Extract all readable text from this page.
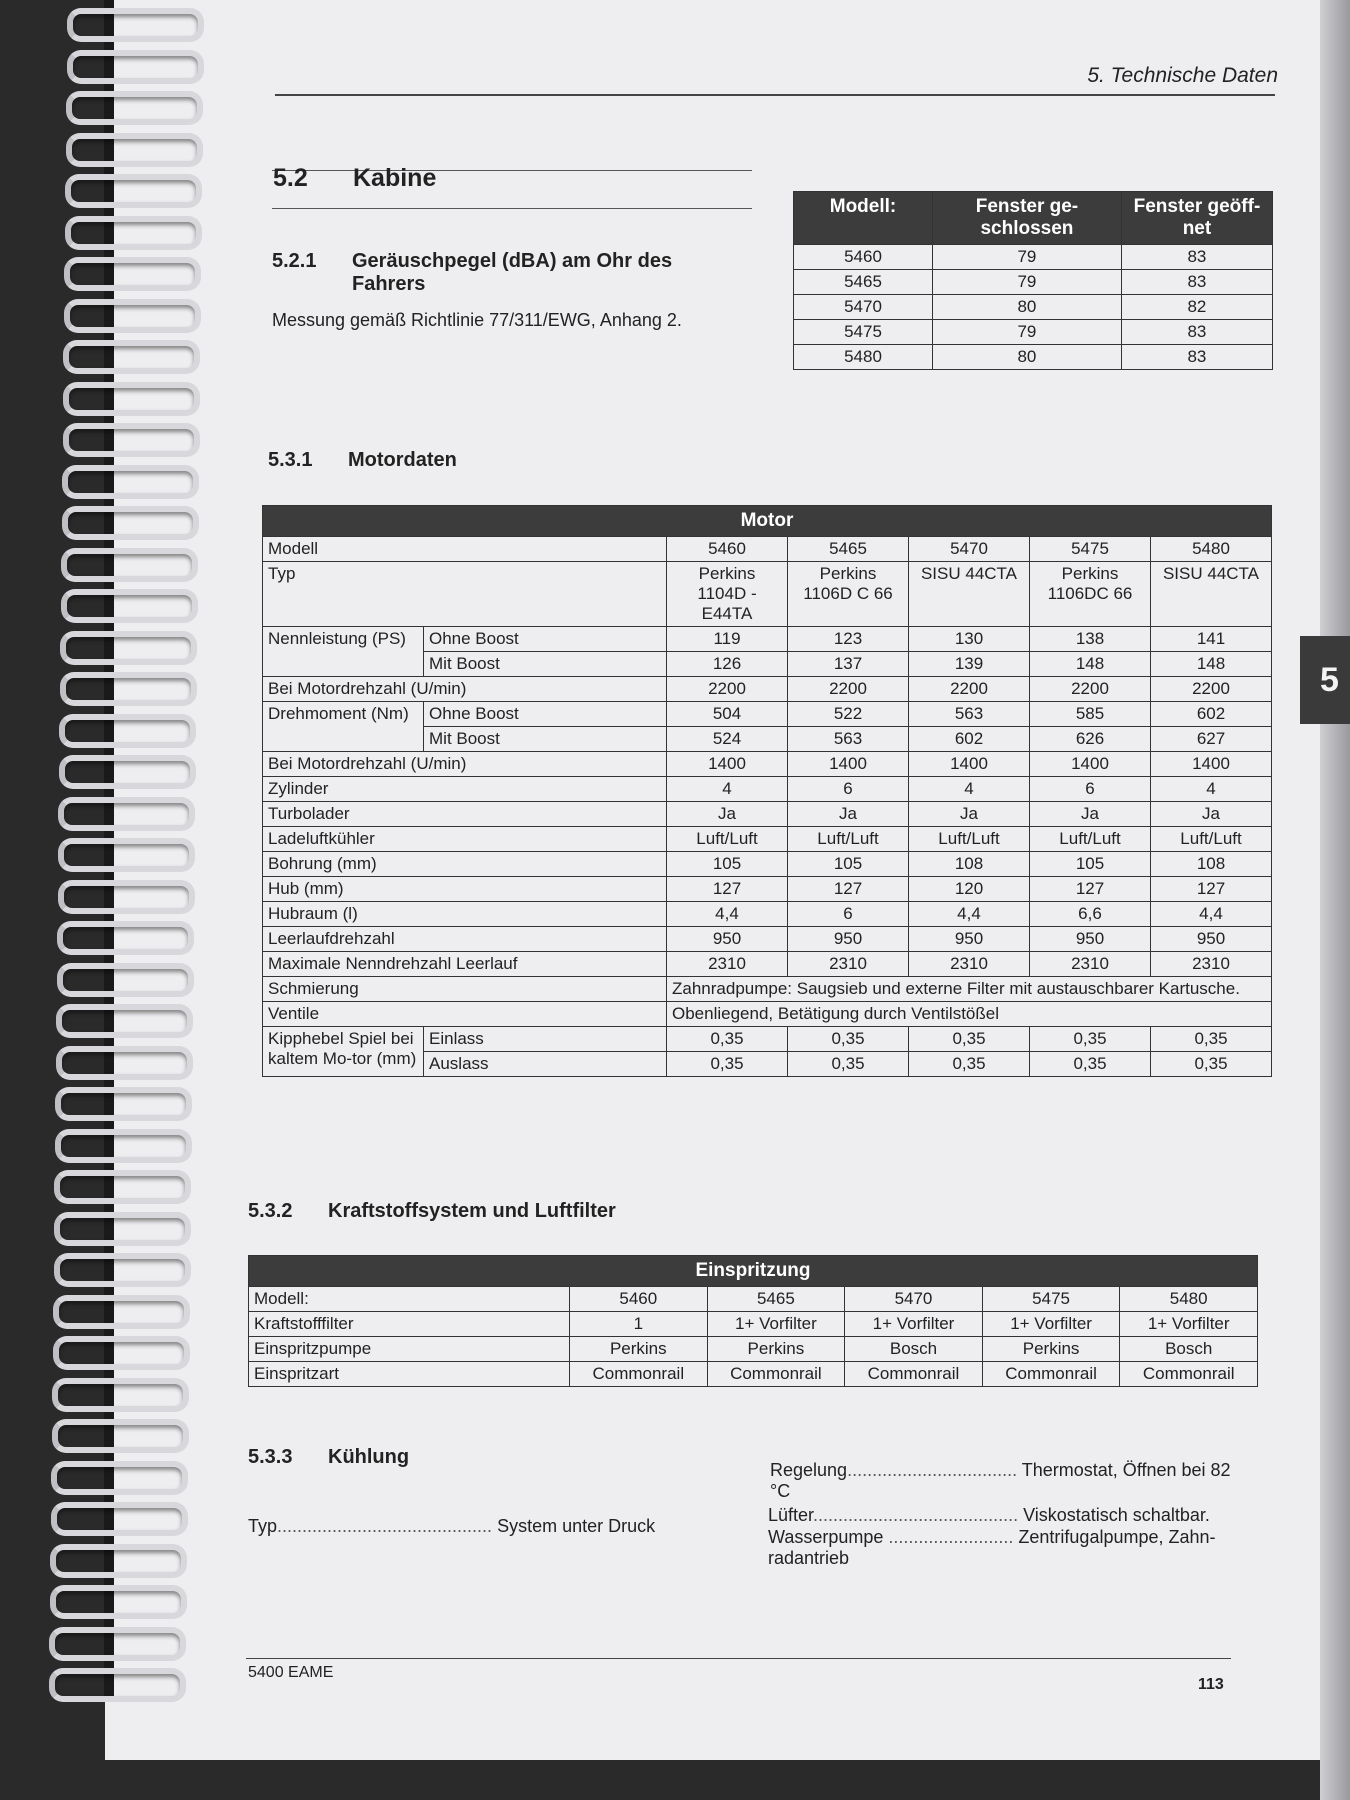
5. Technische Daten
5
5.2 Kabine
5.2.1 Geräuschpegel (dBA) am Ohr des Fahrers
Messung gemäß Richtlinie 77/311/EWG, Anhang 2.
Modell:	Fenster ge-schlossen	Fenster geöff-net
5460	79	83
5465	79	83
5470	80	82
5475	79	83
5480	80	83
5.3.1 Motordaten
Motor						
Modell		5460	5465	5470	5475	5480
Typ		Perkins 1104D - E44TA	Perkins 1106D C 66	SISU 44CTA	Perkins 1106DC 66	SISU 44CTA
Nennleistung (PS)	Ohne Boost	119	123	130	138	141
	Mit Boost	126	137	139	148	148
Bei Motordrehzahl (U/min)		2200	2200	2200	2200	2200
Drehmoment (Nm)	Ohne Boost	504	522	563	585	602
	Mit Boost	524	563	602	626	627
Bei Motordrehzahl (U/min)		1400	1400	1400	1400	1400
Zylinder		4	6	4	6	4
Turbolader		Ja	Ja	Ja	Ja	Ja
Ladeluftkühler		Luft/Luft	Luft/Luft	Luft/Luft	Luft/Luft	Luft/Luft
Bohrung (mm)		105	105	108	105	108
Hub (mm)		127	127	120	127	127
Hubraum (l)		4,4	6	4,4	6,6	4,4
Leerlaufdrehzahl		950	950	950	950	950
Maximale Nenndrehzahl Leerlauf		2310	2310	2310	2310	2310
Schmierung		Zahnradpumpe: Saugsieb und externe Filter mit austauschbarer Kartusche.				
Ventile		Obenliegend, Betätigung durch Ventilstößel				
Kipphebel Spiel bei kaltem Mo-tor (mm)	Einlass	0,35	0,35	0,35	0,35	0,35
	Auslass	0,35	0,35	0,35	0,35	0,35
5.3.2 Kraftstoffsystem und Luftfilter
Einspritzung					
Modell:	5460	5465	5470	5475	5480
Kraftstofffilter	1	1+ Vorfilter	1+ Vorfilter	1+ Vorfilter	1+ Vorfilter
Einspritzpumpe	Perkins	Perkins	Bosch	Perkins	Bosch
Einspritzart	Commonrail	Commonrail	Commonrail	Commonrail	Commonrail
5.3.3 Kühlung
Typ........................................... System unter Druck
Regelung.................................. Thermostat, Öffnen bei 82 °C
Lüfter......................................... Viskostatisch schaltbar.
Wasserpumpe ......................... Zentrifugalpumpe, Zahn-radantrieb
5400 EAME
113
